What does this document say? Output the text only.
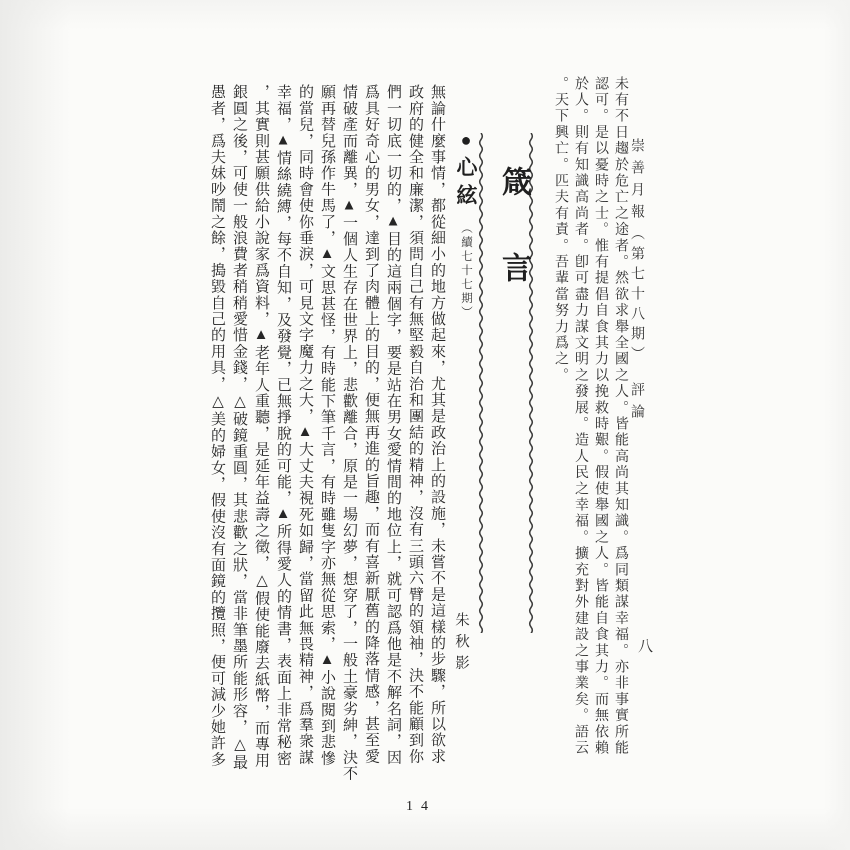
崇善月報（第七十八期）評論
八
未有不日趨於危亡之途者。然欲求舉全國之人。皆能高尚其知識。爲同類謀幸福。亦非事實所能
認可。是以憂時之士。惟有提倡自食其力以挽救時艱。假使舉國之人。皆能自食其力。而無依賴
於人。則有知識高尚者。卽可盡力謀文明之發展。造人民之幸福。擴充對外建設之事業矣。語云
。天下興亡。匹夫有責。吾輩當努力爲之。
箴言
●心絃（續七十七期）
朱秋影
無論什麼事情，都從細小的地方做起來，尤其是政治上的設施，未嘗不是這樣的步驟，所以欲求
政府的健全和廉潔，須問自己有無堅毅自治和團結的精神，沒有三頭六臂的領袖，決不能顧到你
們一切底一切的，▲目的這兩個字，要是站在男女愛情間的地位上，就可認爲他是不解名詞，因
爲具好奇心的男女，達到了肉體上的目的，便無再進的旨趣，而有喜新厭舊的降落情感，甚至愛
情破產而離異，▲一個人生存在世界上，悲歡離合，原是一場幻夢，想穿了，一般土豪劣紳，決不
願再替兒孫作牛馬了，▲文思甚怪，有時能下筆千言，有時雖隻字亦無從思索，▲小說閱到悲慘
的當兒，同時會使你垂淚，可見文字魔力之大，▲大丈夫視死如歸，當留此無畏精神，爲羣衆謀
幸福，▲情絲繞縛，每不自知，及發覺，已無掙脫的可能，▲所得愛人的情書，表面上非常秘密
，其實則甚願供給小說家爲資料，▲老年人重聽，是延年益壽之徵，△假使能廢去紙幣，而專用
銀圓之後，可使一般浪費者稍稍愛惜金錢，△破鏡重圓，其悲歡之狀，當非筆墨所能形容，△最
愚者，爲夫妹吵鬧之餘，搗毀自己的用具，△美的婦女，假使沒有面鏡的攬照，便可減少她許多
14
